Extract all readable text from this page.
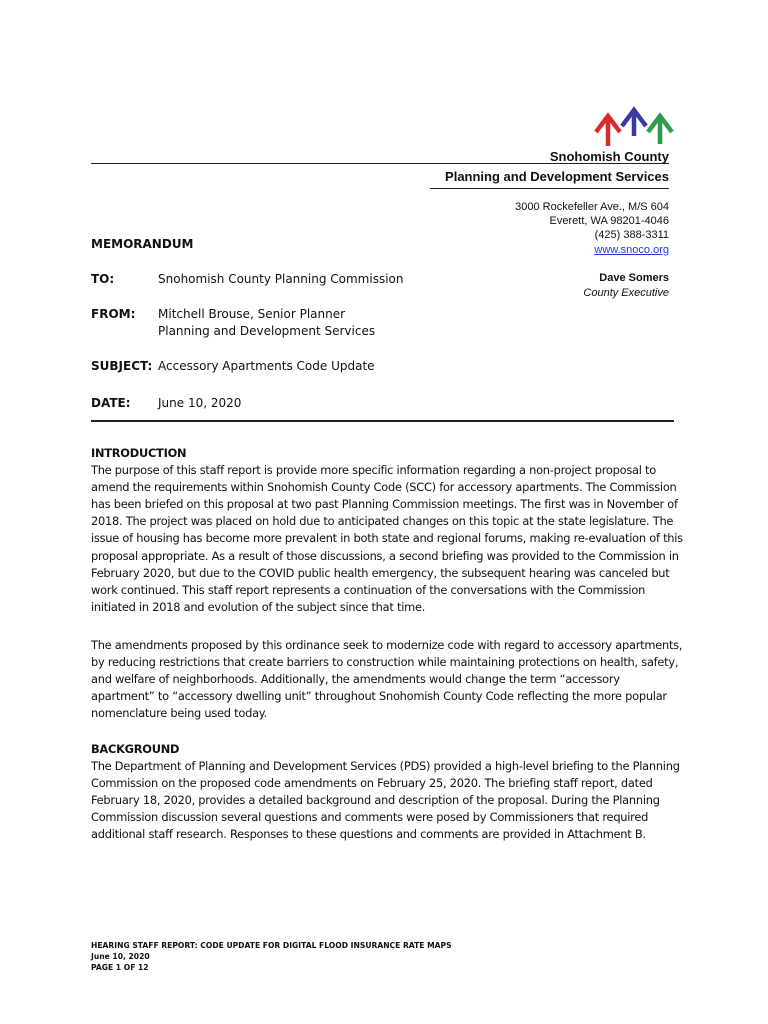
Snohomish County
Planning and Development Services
3000 Rockefeller Ave., M/S 604
Everett, WA 98201-4046
(425) 388-3311
www.snoco.org
Dave Somers
County Executive
MEMORANDUM
TO:	Snohomish County Planning Commission
FROM: Mitchell Brouse, Senior Planner
Planning and Development Services
SUBJECT: Accessory Apartments Code Update
DATE: June 10, 2020
INTRODUCTION

The purpose of this staff report is provide more specific information regarding a non-project proposal to amend the requirements within Snohomish County Code (SCC) for accessory apartments. The Commission has been briefed on this proposal at two past Planning Commission meetings. The first was in November of 2018. The project was placed on hold due to anticipated changes on this topic at the state legislature. The issue of housing has become more prevalent in both state and regional forums, making re-evaluation of this proposal appropriate. As a result of those discussions, a second briefing was provided to the Commission in February 2020, but due to the COVID public health emergency, the subsequent hearing was canceled but work continued. This staff report represents a continuation of the conversations with the Commission initiated in 2018 and evolution of the subject since that time.

The amendments proposed by this ordinance seek to modernize code with regard to accessory apartments, by reducing restrictions that create barriers to construction while maintaining protections on health, safety, and welfare of neighborhoods. Additionally, the amendments would change the term “accessory apartment” to “accessory dwelling unit” throughout Snohomish County Code reflecting the more popular nomenclature being used today.

BACKGROUND

The Department of Planning and Development Services (PDS) provided a high-level briefing to the Planning Commission on the proposed code amendments on February 25, 2020. The briefing staff report, dated February 18, 2020, provides a detailed background and description of the proposal. During the Planning Commission discussion several questions and comments were posed by Commissioners that required additional staff research. Responses to these questions and comments are provided in Attachment B.

HEARING STAFF REPORT: CODE UPDATE FOR DIGITAL FLOOD INSURANCE RATE MAPS
June 10, 2020
PAGE 1 OF 12
